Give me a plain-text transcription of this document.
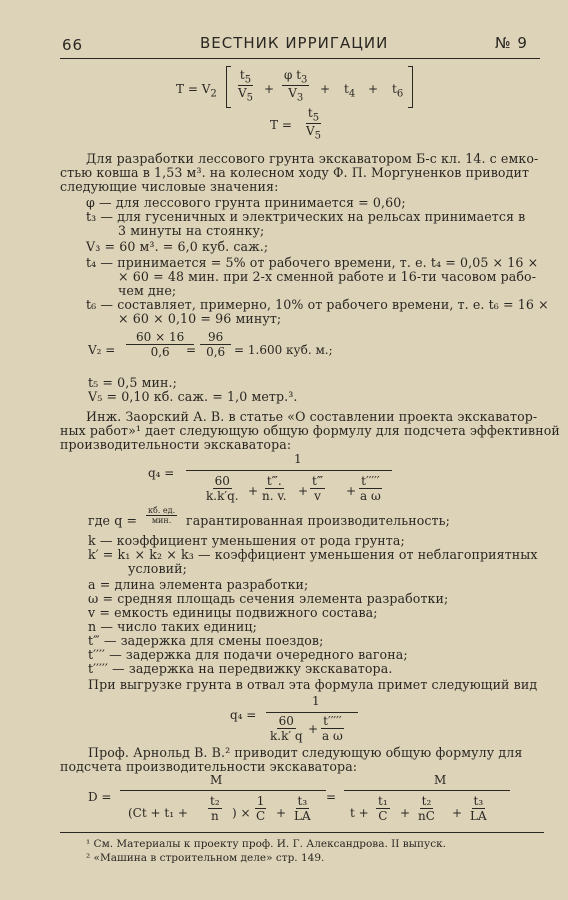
66	ВЕСТНИК ИРРИГАЦИИ	№ 9
$T = V_2 \frac{t_5}{V_5} + \frac{\varphi t_3}{V_3} + t_4 + t_6$
$T = \frac{t_5}{V_5}$
Для разработки лессового грунта экскаватором Б-с кл. 14. с емко-
стью ковша в 1,53 м³. на колесном ходу Ф. П. Моргуненков приводит
следующие числовые значения:
φ — для лессового грунта принимается = 0,60;
t₃ — для гусеничных и электрических на рельсах принимается в
3 минуты на стоянку;
V₃ = 60 м³. = 6,0 куб. саж.;
t₄ — принимается = 5% от рабочего времени, т. е. t₄ = 0,05 × 16 ×
× 60 = 48 мин. при 2-х сменной работе и 16-ти часовом рабо-
чем дне;
t₆ — составляет, примерно, 10% от рабочего времени, т. е. t₆ = 16 ×
× 60 × 0,10 = 96 минут;
$V_2 = \frac{60 \times 16}{0,6}$
= $\frac{96}{0,6} = 1.600$ куб. м.;
t₅ = 0,5 мин.;
V₅ = 0,10 кб. саж. = 1,0 метр.³.
Инж. Заорский А. В. в статье «О составлении проекта экскаватор-
ных работ»¹ дает следующую общую формулу для подсчета эффективной
производительности экскаватора:
q₄ =
1
$\frac{60}{k.k'q.} + \frac{t‴.}{n. v.} + \frac{t‴}{v} + \frac{t'''''}{\text{a ω}}$
где $q = \frac{кб. ед.}{\text{мин.}}$ гарантированная производительность;
k — коэффициент уменьшения от рода грунта;
k′ = k₁ × k₂ × k₃ — коэффициент уменьшения от неблагоприятных
условий;
a = длина элемента разработки;
ω = средняя площадь сечения элемента разработки;
v = емкость единицы подвижного состава;
n — число таких единиц;
t‴ — задержка для смены поездов;
t′′′′ — задержка для подачи очередного вагона;
t′′′′′ — задержка на передвижку экскаватора.
При выгрузке грунта в отвал эта формула примет следующий вид
q₄ =
1
$\frac{60}{k.k' q} + \frac{t'''''}{\text{a ω}}$
Проф. Арнольд В. В.² приводит следующую общую формулу для
подсчета производительности экскаватора:
D =
M
($Ct + t_1 + \frac{\text{t₂}}{n}$ ) × $\frac{1}{C} + \frac{\text{t₃}}{LA}$ =
M
$t + \frac{\text{t₁}}{C} + \frac{\text{t₂}}{nC} + \frac{\text{t₃}}{LA}$
¹ См. Материалы к проекту проф. И. Г. Александрова. II выпуск.
² «Машина в строительном деле» стр. 149.
